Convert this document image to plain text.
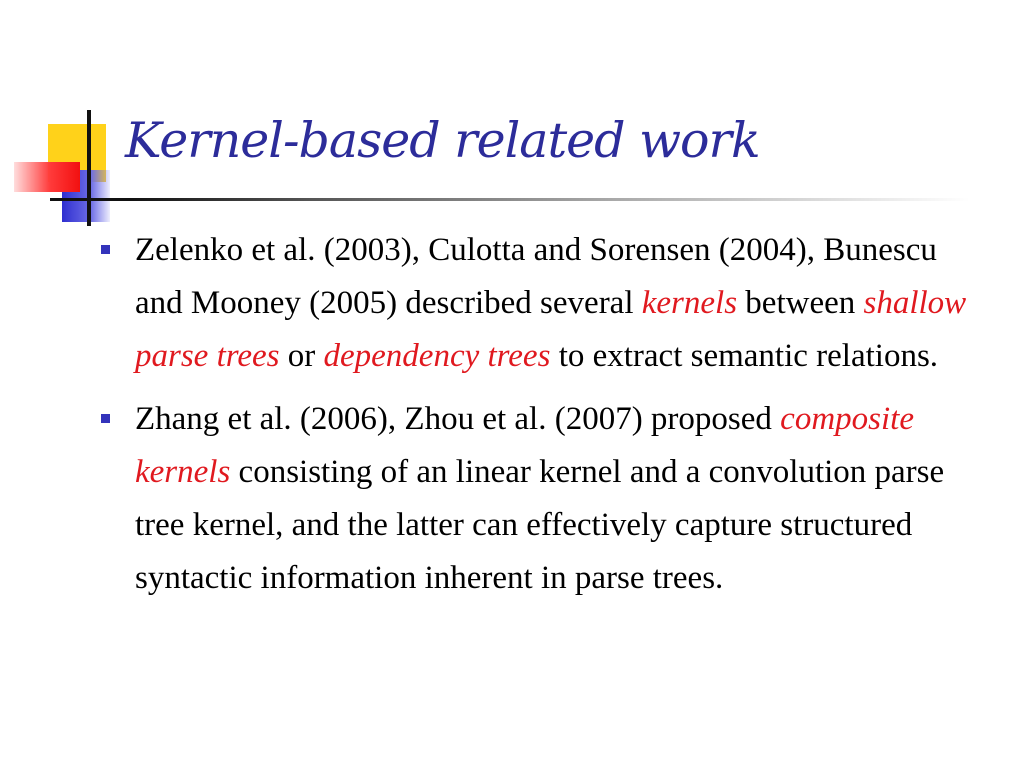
Kernel-based related work
Zelenko et al. (2003), Culotta and Sorensen (2004), Bunescu and Mooney (2005) described several kernels between shallow parse trees or dependency trees to extract semantic relations.
Zhang et al. (2006), Zhou et al. (2007) proposed composite kernels consisting of an linear kernel and a convolution parse tree kernel, and the latter can effectively capture structured syntactic information inherent in parse trees.
